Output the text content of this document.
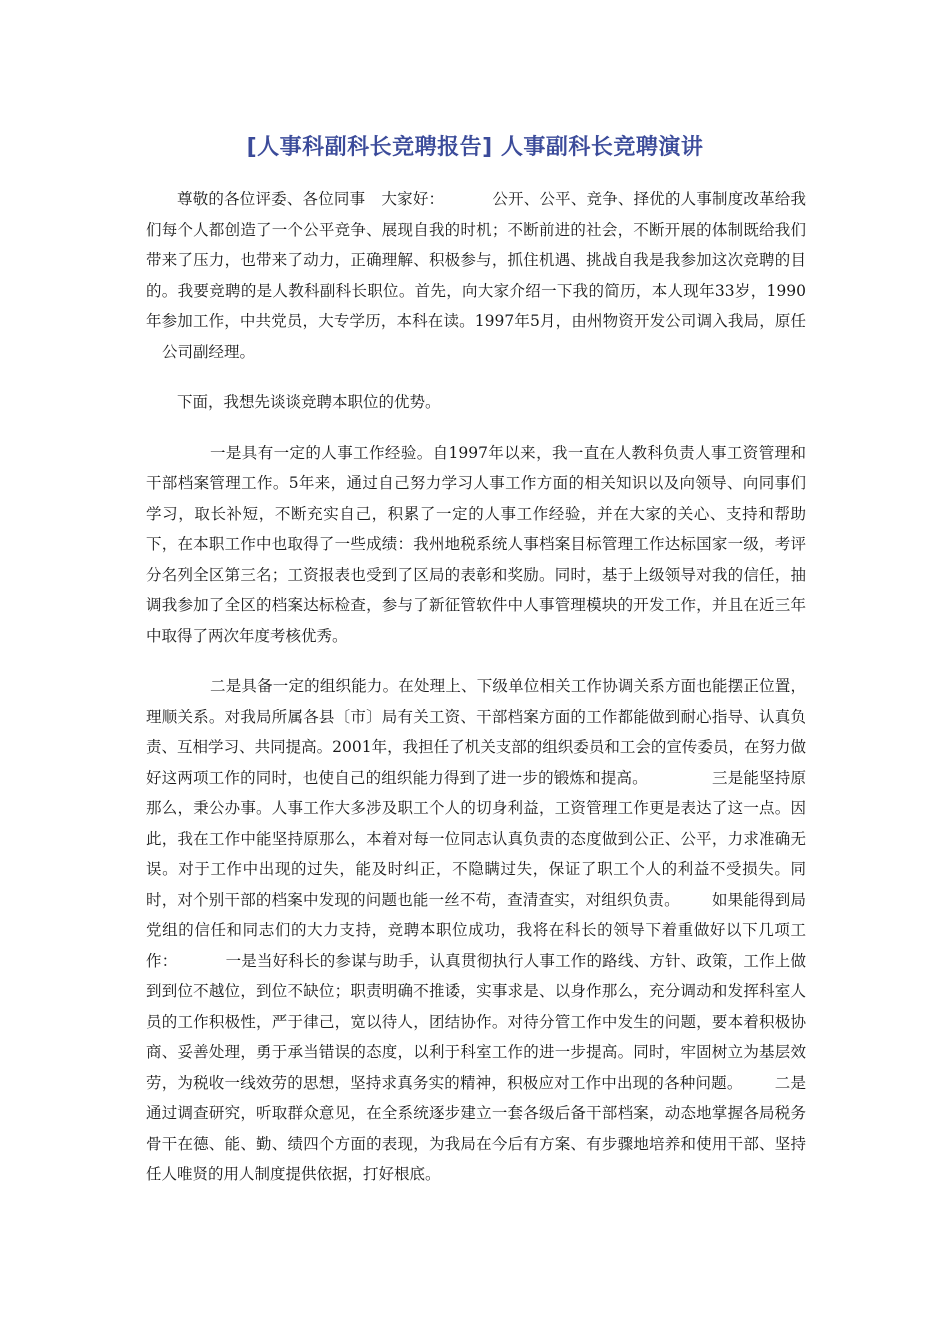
[人事科副科长竞聘报告] 人事副科长竞聘演讲

尊敬的各位评委、各位同事 大家好：	公开、公平、竞争、择优的人事制度改革给我们每个人都创造了一个公平竞争、展现自我的时机；不断前进的社会，不断开展的体制既给我们带来了压力，也带来了动力，正确理解、积极参与，抓住机遇、挑战自我是我参加这次竞聘的目的。我要竞聘的是人教科副科长职位。首先，向大家介绍一下我的简历，本人现年33岁，1990年参加工作，中共党员，大专学历，本科在读。1997年5月，由州物资开发公司调入我局，原任公司副经理。

下面，我想先谈谈竞聘本职位的优势。

一是具有一定的人事工作经验。自1997年以来，我一直在人教科负责人事工资管理和干部档案管理工作。5年来，通过自己努力学习人事工作方面的相关知识以及向领导、向同事们学习，取长补短，不断充实自己，积累了一定的人事工作经验，并在大家的关心、支持和帮助下，在本职工作中也取得了一些成绩：我州地税系统人事档案目标管理工作达标国家一级，考评分名列全区第三名；工资报表也受到了区局的表彰和奖励。同时，基于上级领导对我的信任，抽调我参加了全区的档案达标检查，参与了新征管软件中人事管理模块的开发工作，并且在近三年中取得了两次年度考核优秀。

二是具备一定的组织能力。在处理上、下级单位相关工作协调关系方面也能摆正位置，理顺关系。对我局所属各县〔市〕局有关工资、干部档案方面的工作都能做到耐心指导、认真负责、互相学习、共同提高。2001年，我担任了机关支部的组织委员和工会的宣传委员，在努力做好这两项工作的同时，也使自己的组织能力得到了进一步的锻炼和提高。	三是能坚持原那么，秉公办事。人事工作大多涉及职工个人的切身利益，工资管理工作更是表达了这一点。因此，我在工作中能坚持原那么，本着对每一位同志认真负责的态度做到公正、公平，力求准确无误。对于工作中出现的过失，能及时纠正，不隐瞒过失，保证了职工个人的利益不受损失。同时，对个别干部的档案中发现的问题也能一丝不苟，查清查实，对组织负责。 如果能得到局党组的信任和同志们的大力支持，竞聘本职位成功，我将在科长的领导下着重做好以下几项工作：	一是当好科长的参谋与助手，认真贯彻执行人事工作的路线、方针、政策，工作上做到到位不越位，到位不缺位；职责明确不推诿，实事求是、以身作那么，充分调动和发挥科室人员的工作积极性，严于律己，宽以待人，团结协作。对待分管工作中发生的问题，要本着积极协商、妥善处理，勇于承当错误的态度，以利于科室工作的进一步提高。同时，牢固树立为基层效劳，为税收一线效劳的思想，坚持求真务实的精神，积极应对工作中出现的各种问题。 二是通过调查研究，听取群众意见，在全系统逐步建立一套各级后备干部档案，动态地掌握各局税务骨干在德、能、勤、绩四个方面的表现，为我局在今后有方案、有步骤地培养和使用干部、坚持任人唯贤的用人制度提供依据，打好根底。
